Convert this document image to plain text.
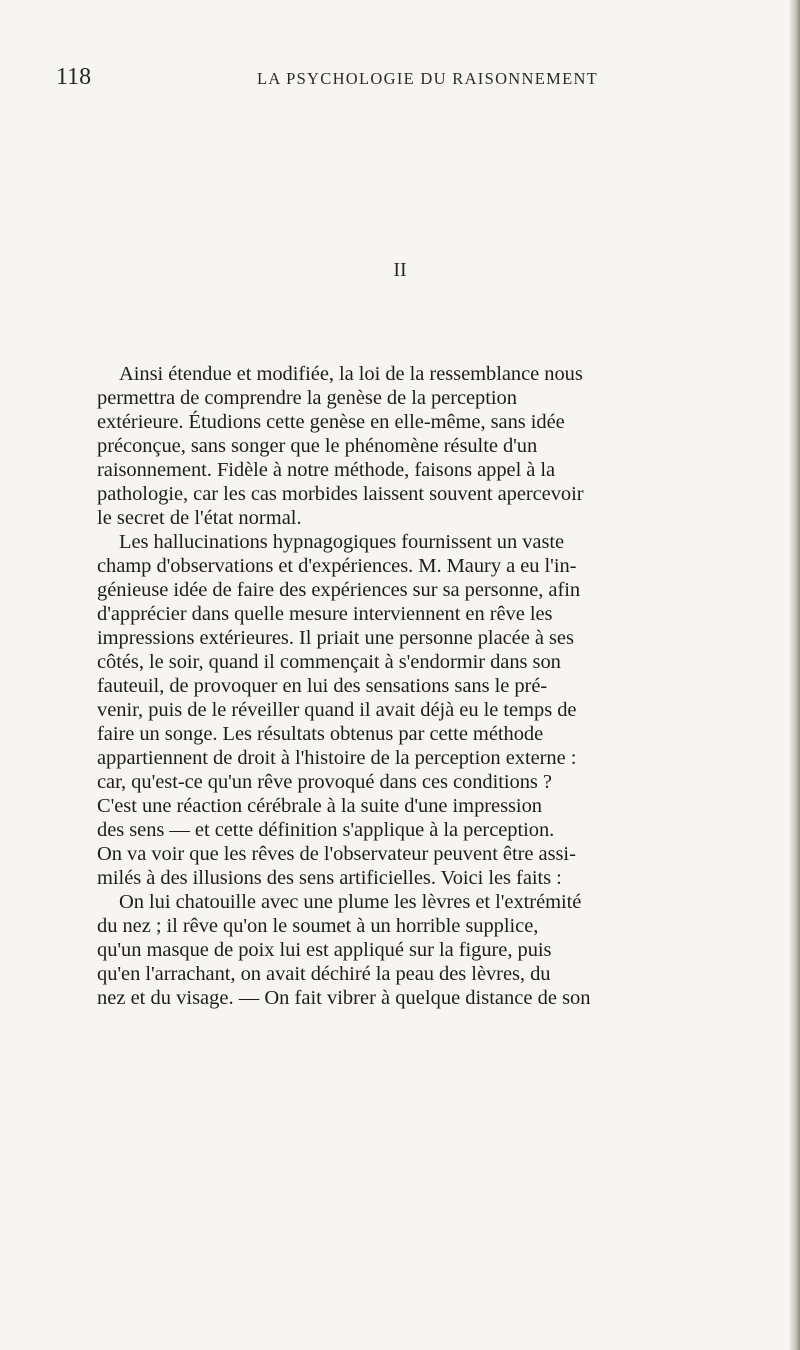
118	LA PSYCHOLOGIE DU RAISONNEMENT
II
Ainsi étendue et modifiée, la loi de la ressemblance nous
permettra de comprendre la genèse de la perception
extérieure. Étudions cette genèse en elle-même, sans idée
préconçue, sans songer que le phénomène résulte d'un
raisonnement. Fidèle à notre méthode, faisons appel à la
pathologie, car les cas morbides laissent souvent apercevoir
le secret de l'état normal.
Les hallucinations hypnagogiques fournissent un vaste
champ d'observations et d'expériences. M. Maury a eu l'in-
génieuse idée de faire des expériences sur sa personne, afin
d'apprécier dans quelle mesure interviennent en rêve les
impressions extérieures. Il priait une personne placée à ses
côtés, le soir, quand il commençait à s'endormir dans son
fauteuil, de provoquer en lui des sensations sans le pré-
venir, puis de le réveiller quand il avait déjà eu le temps de
faire un songe. Les résultats obtenus par cette méthode
appartiennent de droit à l'histoire de la perception externe :
car, qu'est-ce qu'un rêve provoqué dans ces conditions ?
C'est une réaction cérébrale à la suite d'une impression
des sens — et cette définition s'applique à la perception.
On va voir que les rêves de l'observateur peuvent être assi-
milés à des illusions des sens artificielles. Voici les faits :
On lui chatouille avec une plume les lèvres et l'extrémité
du nez ; il rêve qu'on le soumet à un horrible supplice,
qu'un masque de poix lui est appliqué sur la figure, puis
qu'en l'arrachant, on avait déchiré la peau des lèvres, du
nez et du visage. — On fait vibrer à quelque distance de son
